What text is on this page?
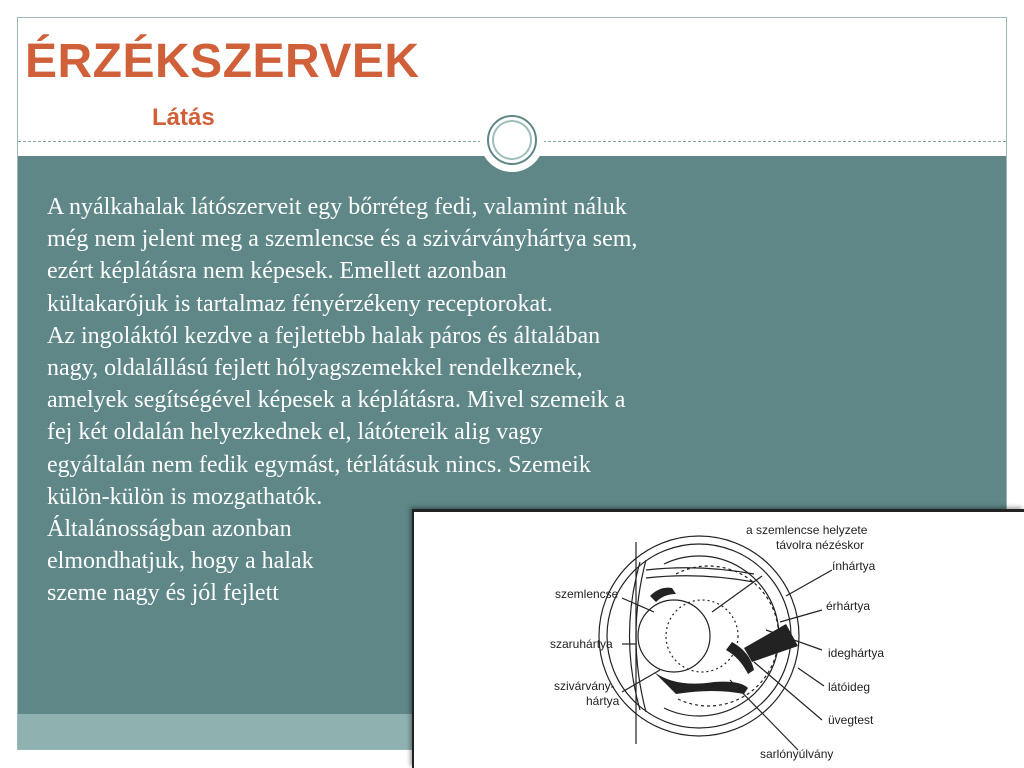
ÉRZÉKSZERVEK
Látás

A nyálkahalak látószerveit egy bőrréteg fedi, valamint náluk
még nem jelent meg a szemlencse és a szivárványhártya sem,
ezért képlátásra nem képesek. Emellett azonban
kültakarójuk is tartalmaz fényérzékeny receptorokat.
Az ingoláktól kezdve a fejlettebb halak páros és általában
nagy, oldalállású fejlett hólyagszemekkel rendelkeznek,
amelyek segítségével képesek a képlátásra. Mivel szemeik a
fej két oldalán helyezkednek el, látótereik alig vagy
egyáltalán nem fedik egymást, térlátásuk nincs. Szemeik
külön-külön is mozgathatók.
Általánosságban azonban
elmondhatjuk, hogy a halak
szeme nagy és jól fejlett

a szemlencse helyzete
távolra nézéskor
szemlencse
szaruhártya
szivárvány-
hártya
ínhártya
érhártya
ideghártya
látóideg
üvegtest
sarlónyúlvány
